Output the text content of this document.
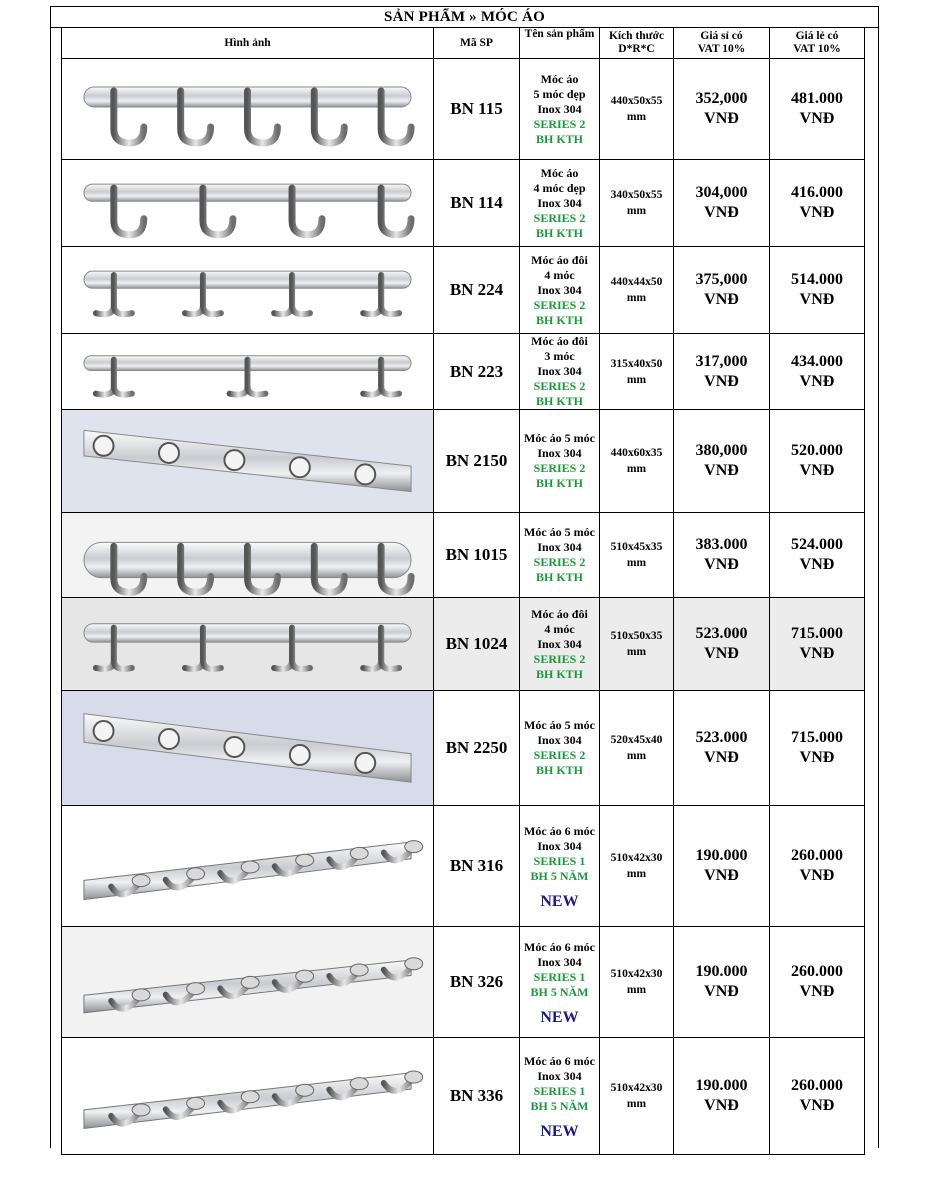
SẢN PHẨM » MÓC ÁO
Hình ảnh	Mã SP	Tên sản phẩm	Kích thước
D*R*C	Giá sỉ có
VAT 10%	Giá lẻ có
VAT 10%

	BN 115	Móc áo
5 móc dẹp
Inox 304
SERIES 2
BH KTH	440x50x55
mm	352,000
VNĐ	481.000
VNĐ

	BN 114	Móc áo
4 móc dẹp
Inox 304
SERIES 2
BH KTH	340x50x55
mm	304,000
VNĐ	416.000
VNĐ

	BN 224	Móc áo đôi
4 móc
Inox 304
SERIES 2
BH KTH	440x44x50
mm	375,000
VNĐ	514.000
VNĐ

	BN 223	Móc áo đôi
3 móc
Inox 304
SERIES 2
BH KTH	315x40x50
mm	317,000
VNĐ	434.000
VNĐ

	BN 2150	Móc áo 5 móc
Inox 304
SERIES 2
BH KTH	440x60x35
mm	380,000
VNĐ	520.000
VNĐ

	BN 1015	Móc áo 5 móc
Inox 304
SERIES 2
BH KTH	510x45x35
mm	383.000
VNĐ	524.000
VNĐ

	BN 1024	Móc áo đôi
4 móc
Inox 304
SERIES 2
BH KTH	510x50x35
mm	523.000
VNĐ	715.000
VNĐ

	BN 2250	Móc áo 5 móc
Inox 304
SERIES 2
BH KTH	520x45x40
mm	523.000
VNĐ	715.000
VNĐ

	BN 316	Móc áo 6 móc
Inox 304
SERIES 1
BH 5 NĂM
NEW	510x42x30
mm	190.000
VNĐ	260.000
VNĐ

	BN 326	Móc áo 6 móc
Inox 304
SERIES 1
BH 5 NĂM
NEW	510x42x30
mm	190.000
VNĐ	260.000
VNĐ

	BN 336	Móc áo 6 móc
Inox 304
SERIES 1
BH 5 NĂM
NEW	510x42x30
mm	190.000
VNĐ	260.000
VNĐ
